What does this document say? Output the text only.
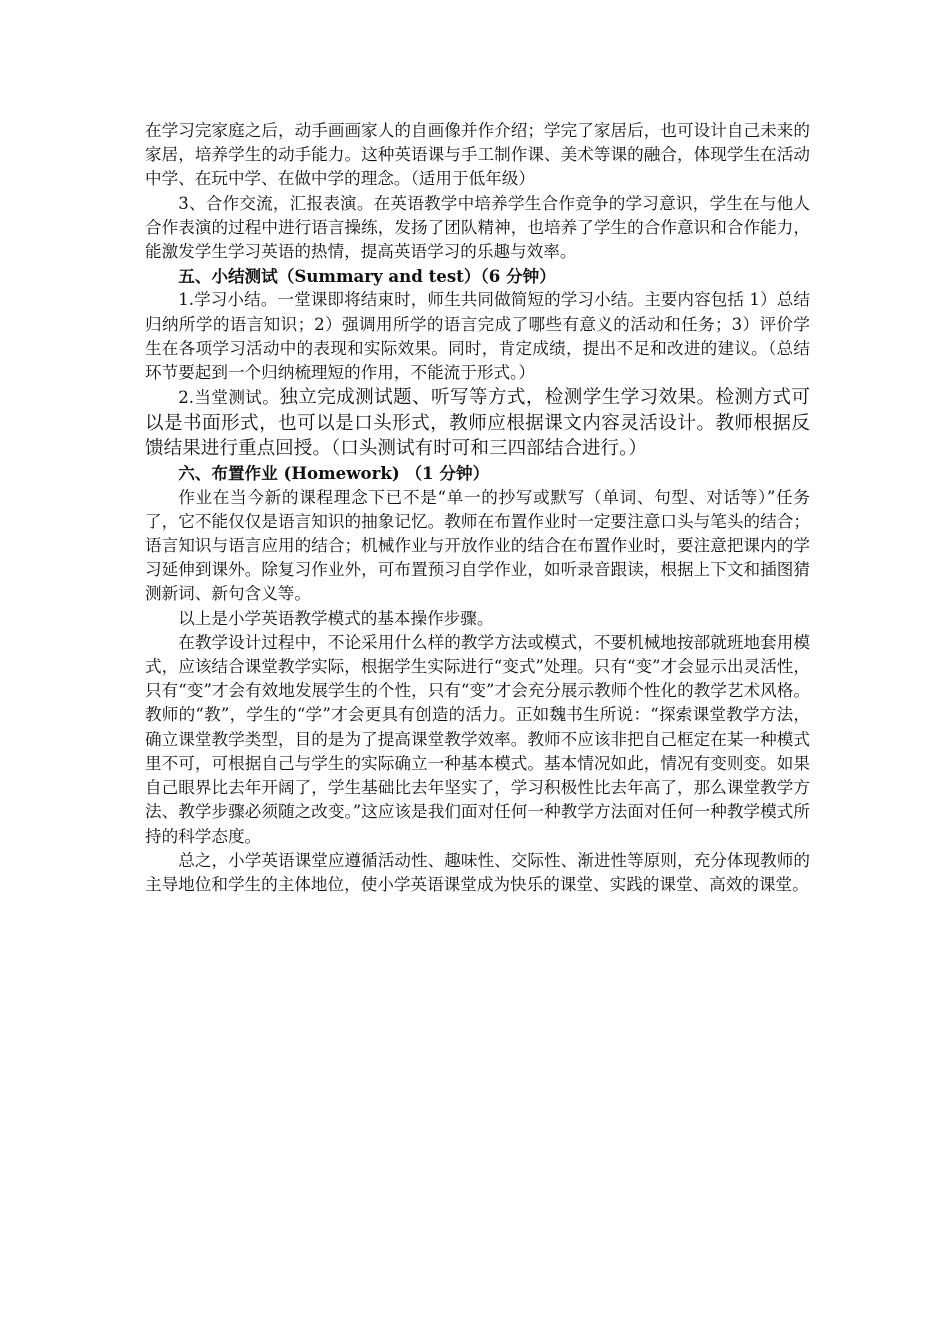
在学习完家庭之后，动手画画家人的自画像并作介绍；学完了家居后，也可设计自己未来的家居，培养学生的动手能力。这种英语课与手工制作课、美术等课的融合，体现学生在活动中学、在玩中学、在做中学的理念。（适用于低年级）

3、合作交流，汇报表演。在英语教学中培养学生合作竞争的学习意识，学生在与他人合作表演的过程中进行语言操练，发扬了团队精神，也培养了学生的合作意识和合作能力，能激发学生学习英语的热情，提高英语学习的乐趣与效率。

五、小结测试（Summary and test）（6 分钟）

1.学习小结。一堂课即将结束时，师生共同做简短的学习小结。主要内容包括 1）总结归纳所学的语言知识；2）强调用所学的语言完成了哪些有意义的活动和任务；3）评价学生在各项学习活动中的表现和实际效果。同时，肯定成绩，提出不足和改进的建议。（总结环节要起到一个归纳梳理短的作用，不能流于形式。）

2.当堂测试。独立完成测试题、听写等方式，检测学生学习效果。检测方式可以是书面形式，也可以是口头形式，教师应根据课文内容灵活设计。教师根据反馈结果进行重点回授。（口头测试有时可和三四部结合进行。）

六、布置作业 (Homework) （1 分钟）

作业在当今新的课程理念下已不是“单一的抄写或默写（单词、句型、对话等）”任务了，它不能仅仅是语言知识的抽象记忆。教师在布置作业时一定要注意口头与笔头的结合；语言知识与语言应用的结合；机械作业与开放作业的结合在布置作业时，要注意把课内的学习延伸到课外。除复习作业外，可布置预习自学作业，如听录音跟读，根据上下文和插图猜测新词、新句含义等。

以上是小学英语教学模式的基本操作步骤。

在教学设计过程中，不论采用什么样的教学方法或模式，不要机械地按部就班地套用模式，应该结合课堂教学实际，根据学生实际进行“变式”处理。只有“变”才会显示出灵活性，只有“变”才会有效地发展学生的个性，只有“变”才会充分展示教师个性化的教学艺术风格。教师的“教”，学生的“学”才会更具有创造的活力。正如魏书生所说：“探索课堂教学方法，确立课堂教学类型，目的是为了提高课堂教学效率。教师不应该非把自己框定在某一种模式里不可，可根据自己与学生的实际确立一种基本模式。基本情况如此，情况有变则变。如果自己眼界比去年开阔了，学生基础比去年坚实了，学习积极性比去年高了，那么课堂教学方法、教学步骤必须随之改变。”这应该是我们面对任何一种教学方法面对任何一种教学模式所持的科学态度。

总之，小学英语课堂应遵循活动性、趣味性、交际性、渐进性等原则，充分体现教师的主导地位和学生的主体地位，使小学英语课堂成为快乐的课堂、实践的课堂、高效的课堂。
